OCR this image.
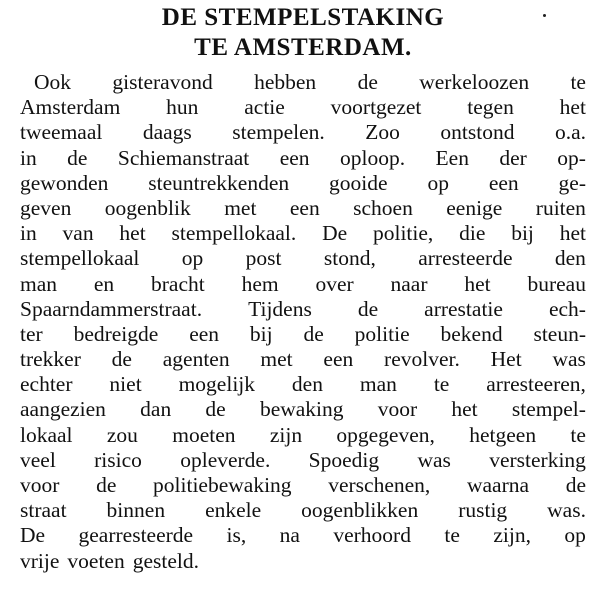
DE STEMPELSTAKING
TE AMSTERDAM.
Ook gisteravond hebben de werkeloozen te
Amsterdam hun actie voortgezet tegen het
tweemaal daags stempelen. Zoo ontstond o.a.
in de Schiemanstraat een oploop. Een der op-
gewonden steuntrekkenden gooide op een ge-
geven oogenblik met een schoen eenige ruiten
in van het stempellokaal. De politie, die bij het
stempellokaal op post stond, arresteerde den
man en bracht hem over naar het bureau
Spaarndammerstraat. Tijdens de arrestatie ech-
ter bedreigde een bij de politie bekend steun-
trekker de agenten met een revolver. Het was
echter niet mogelijk den man te arresteeren,
aangezien dan de bewaking voor het stempel-
lokaal zou moeten zijn opgegeven, hetgeen te
veel risico opleverde. Spoedig was versterking
voor de politiebewaking verschenen, waarna de
straat binnen enkele oogenblikken rustig was.
De gearresteerde is, na verhoord te zijn, op
vrije voeten gesteld.
